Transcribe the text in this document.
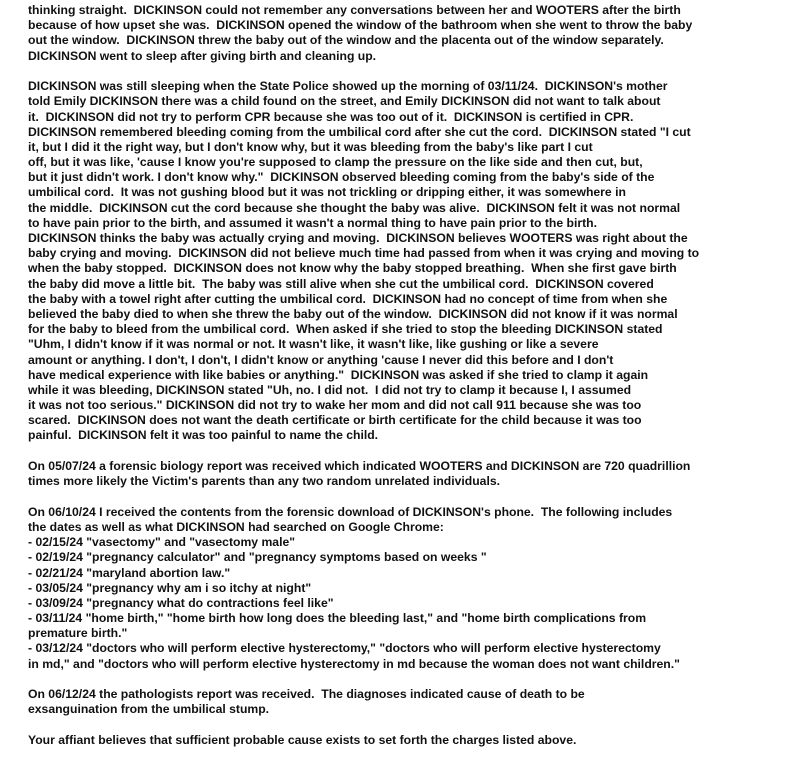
thinking straight.  DICKINSON could not remember any conversations between her and WOOTERS after the birth
because of how upset she was.  DICKINSON opened the window of the bathroom when she went to throw the baby
out the window.  DICKINSON threw the baby out of the window and the placenta out of the window separately.
DICKINSON went to sleep after giving birth and cleaning up.
DICKINSON was still sleeping when the State Police showed up the morning of 03/11/24.  DICKINSON's mother
told Emily DICKINSON there was a child found on the street, and Emily DICKINSON did not want to talk about
it.  DICKINSON did not try to perform CPR because she was too out of it.  DICKINSON is certified in CPR.
DICKINSON remembered bleeding coming from the umbilical cord after she cut the cord.  DICKINSON stated "I cut
it, but I did it the right way, but I don't know why, but it was bleeding from the baby's like part I cut
off, but it was like, 'cause I know you're supposed to clamp the pressure on the like side and then cut, but,
but it just didn't work. I don't know why."  DICKINSON observed bleeding coming from the baby's side of the
umbilical cord.  It was not gushing blood but it was not trickling or dripping either, it was somewhere in
the middle.  DICKINSON cut the cord because she thought the baby was alive.  DICKINSON felt it was not normal
to have pain prior to the birth, and assumed it wasn't a normal thing to have pain prior to the birth.
DICKINSON thinks the baby was actually crying and moving.  DICKINSON believes WOOTERS was right about the
baby crying and moving.  DICKINSON did not believe much time had passed from when it was crying and moving to
when the baby stopped.  DICKINSON does not know why the baby stopped breathing.  When she first gave birth
the baby did move a little bit.  The baby was still alive when she cut the umbilical cord.  DICKINSON covered
the baby with a towel right after cutting the umbilical cord.  DICKINSON had no concept of time from when she
believed the baby died to when she threw the baby out of the window.  DICKINSON did not know if it was normal
for the baby to bleed from the umbilical cord.  When asked if she tried to stop the bleeding DICKINSON stated
"Uhm, I didn't know if it was normal or not. It wasn't like, it wasn't like, like gushing or like a severe
amount or anything. I don't, I don't, I didn't know or anything 'cause I never did this before and I don't
have medical experience with like babies or anything."  DICKINSON was asked if she tried to clamp it again
while it was bleeding, DICKINSON stated "Uh, no. I did not.  I did not try to clamp it because I, I assumed
it was not too serious." DICKINSON did not try to wake her mom and did not call 911 because she was too
scared.  DICKINSON does not want the death certificate or birth certificate for the child because it was too
painful.  DICKINSON felt it was too painful to name the child.
On 05/07/24 a forensic biology report was received which indicated WOOTERS and DICKINSON are 720 quadrillion
times more likely the Victim's parents than any two random unrelated individuals.
On 06/10/24 I received the contents from the forensic download of DICKINSON's phone.  The following includes
the dates as well as what DICKINSON had searched on Google Chrome:
- 02/15/24 "vasectomy" and "vasectomy male"
- 02/19/24 "pregnancy calculator" and "pregnancy symptoms based on weeks "
- 02/21/24 "maryland abortion law."
- 03/05/24 "pregnancy why am i so itchy at night"
- 03/09/24 "pregnancy what do contractions feel like"
- 03/11/24 "home birth," "home birth how long does the bleeding last," and "home birth complications from
premature birth."
- 03/12/24 "doctors who will perform elective hysterectomy," "doctors who will perform elective hysterectomy
in md," and "doctors who will perform elective hysterectomy in md because the woman does not want children."
On 06/12/24 the pathologists report was received.  The diagnoses indicated cause of death to be
exsanguination from the umbilical stump.
Your affiant believes that sufficient probable cause exists to set forth the charges listed above.
